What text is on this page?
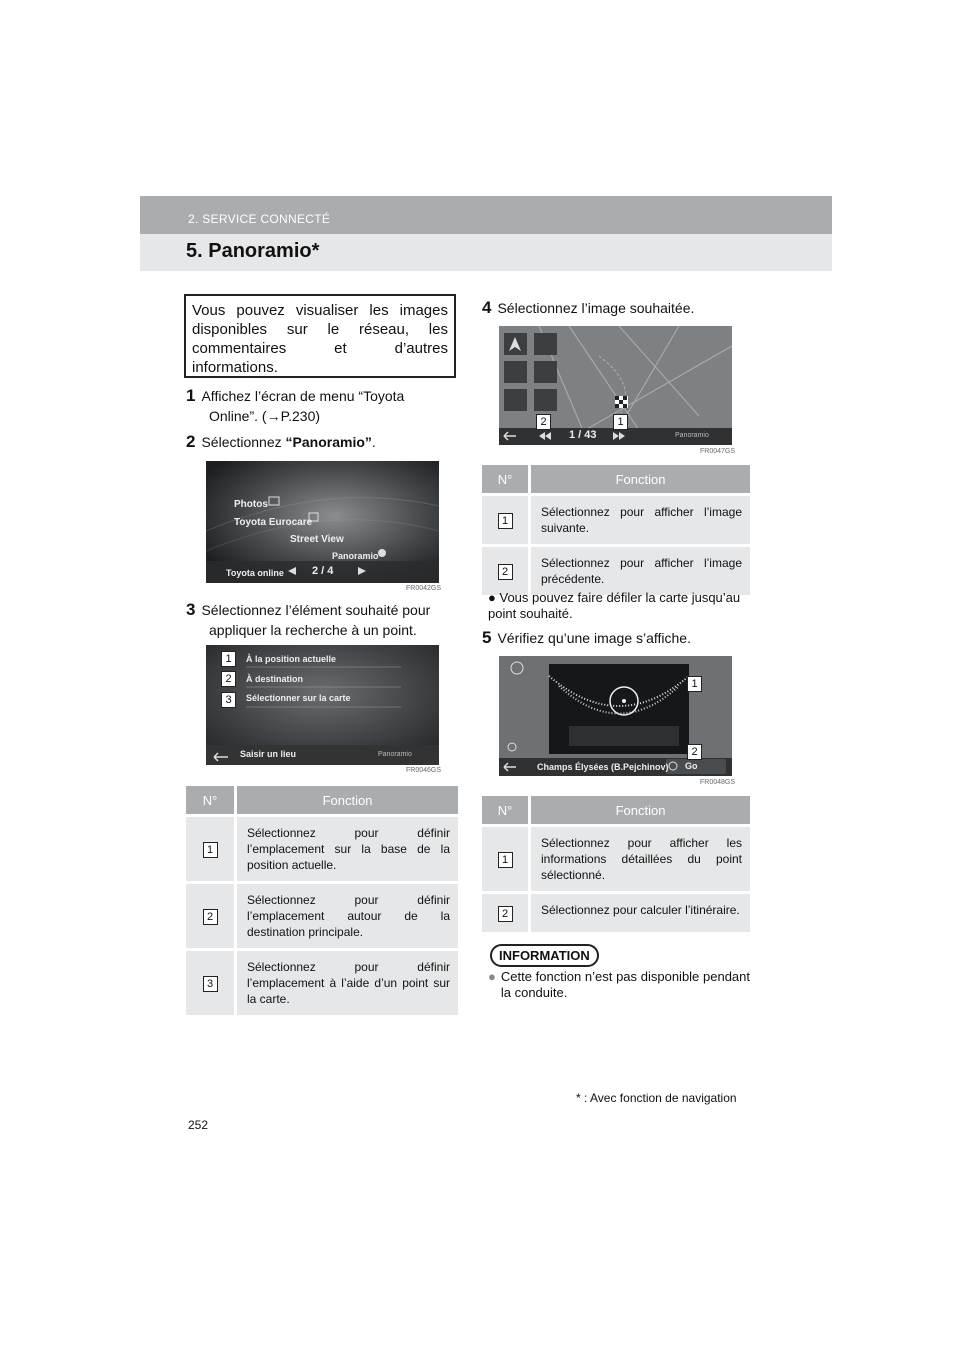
2. SERVICE CONNECTÉ
5. Panoramio*
Vous pouvez visualiser les images disponibles sur le réseau, les commentaires et d’autres informations.
1 Affichez l’écran de menu “Toyota
Online”. (→P.230)
2 Sélectionnez “Panoramio”.
Photos
Toyota Eurocare
Street View
Panoramio
Toyota online	2 / 4
FR0042GS
3 Sélectionnez l’élément souhaité pour
appliquer la recherche à un point.
1
2
3
À la position actuelle
À destination
Sélectionner sur la carte
Saisir un lieu	Panoramio
FR0046GS
N°	Fonction
1	Sélectionnez pour définir l’emplacement sur la base de la position actuelle.
2	Sélectionnez pour définir l’emplacement autour de la destination principale.
3	Sélectionnez pour définir l’emplacement à l’aide d’un point sur la carte.
4 Sélectionnez l’image souhaitée.
2	1
1 / 43	Panoramio
FR0047GS
N°	Fonction
1	Sélectionnez pour afficher l’image suivante.
2	Sélectionnez pour afficher l’image précédente.
● Vous pouvez faire défiler la carte jusqu’au point souhaité.
5 Vérifiez qu’une image s’affiche.
1
2
Champs Élysées (B.Pejchinov) Go
FR0048GS
N°	Fonction
1	Sélectionnez pour afficher les informations détaillées du point sélectionné.
2	Sélectionnez pour calculer l’itinéraire.
INFORMATION
● Cette fonction n’est pas disponible pendant la conduite.
* : Avec fonction de navigation
252
